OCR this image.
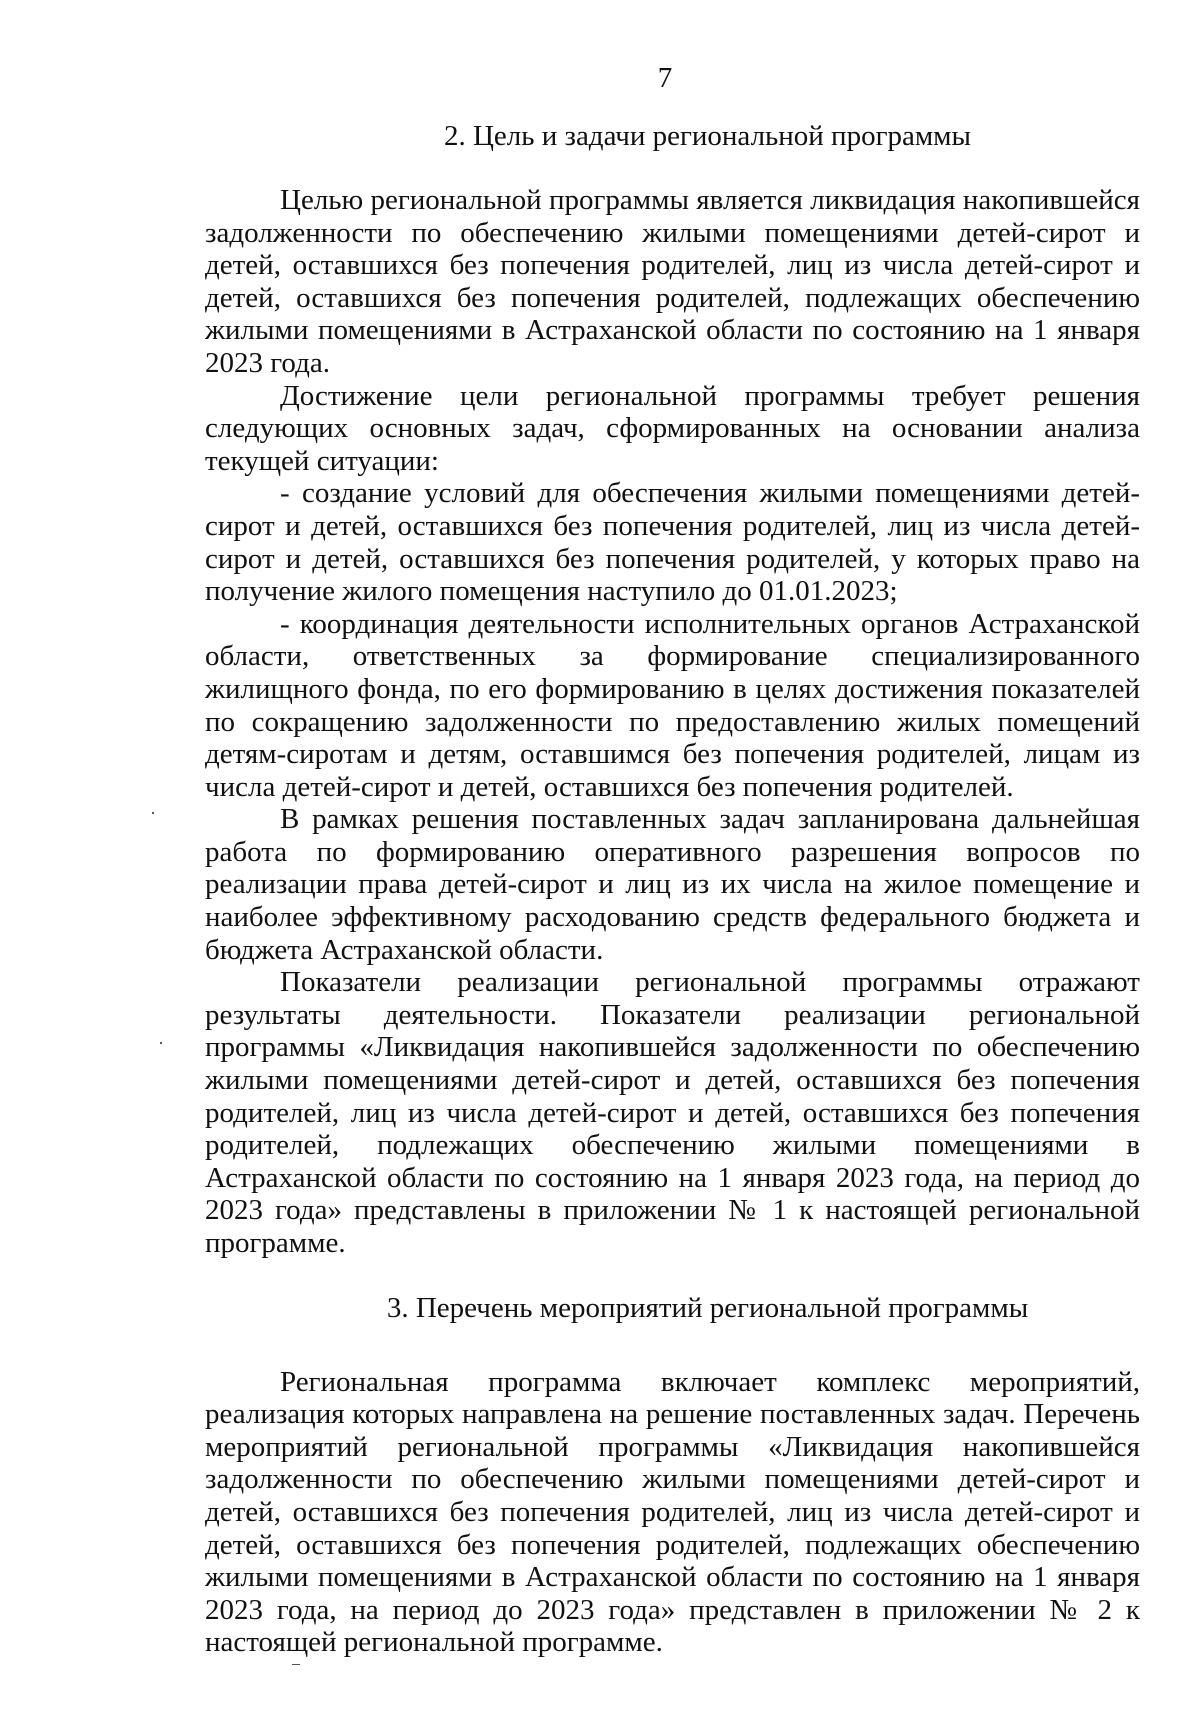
7
2. Цель и задачи региональной программы

Целью региональной программы является ликвидация накопившейся задолженности по обеспечению жилыми помещениями детей-сирот и детей, оставшихся без попечения родителей, лиц из числа детей-сирот и детей, оставшихся без попечения родителей, подлежащих обеспечению жилыми помещениями в Астраханской области по состоянию на 1 января 2023 года.

Достижение цели региональной программы требует решения следующих основных задач, сформированных на основании анализа текущей ситуации:

- создание условий для обеспечения жилыми помещениями детей-сирот и детей, оставшихся без попечения родителей, лиц из числа детей-сирот и детей, оставшихся без попечения родителей, у которых право на получение жилого помещения наступило до 01.01.2023;

- координация деятельности исполнительных органов Астраханской области, ответственных за формирование специализированного жилищного фонда, по его формированию в целях достижения показателей по сокращению задолженности по предоставлению жилых помещений детям-сиротам и детям, оставшимся без попечения родителей, лицам из числа детей-сирот и детей, оставшихся без попечения родителей.

В рамках решения поставленных задач запланирована дальнейшая работа по формированию оперативного разрешения вопросов по реализации права детей-сирот и лиц из их числа на жилое помещение и наиболее эффективному расходованию средств федерального бюджета и бюджета Астраханской области.

Показатели реализации региональной программы отражают результаты деятельности. Показатели реализации региональной программы «Ликвидация накопившейся задолженности по обеспечению жилыми помещениями детей-сирот и детей, оставшихся без попечения родителей, лиц из числа детей-сирот и детей, оставшихся без попечения родителей, подлежащих обеспечению жилыми помещениями в Астраханской области по состоянию на 1 января 2023 года, на период до 2023 года» представлены в приложении № 1 к настоящей региональной программе.

3. Перечень мероприятий региональной программы

Региональная программа включает комплекс мероприятий, реализация которых направлена на решение поставленных задач. Перечень мероприятий региональной программы «Ликвидация накопившейся задолженности по обеспечению жилыми помещениями детей-сирот и детей, оставшихся без попечения родителей, лиц из числа детей-сирот и детей, оставшихся без попечения родителей, подлежащих обеспечению жилыми помещениями в Астраханской области по состоянию на 1 января 2023 года, на период до 2023 года» представлен в приложении № 2 к настоящей региональной программе.
